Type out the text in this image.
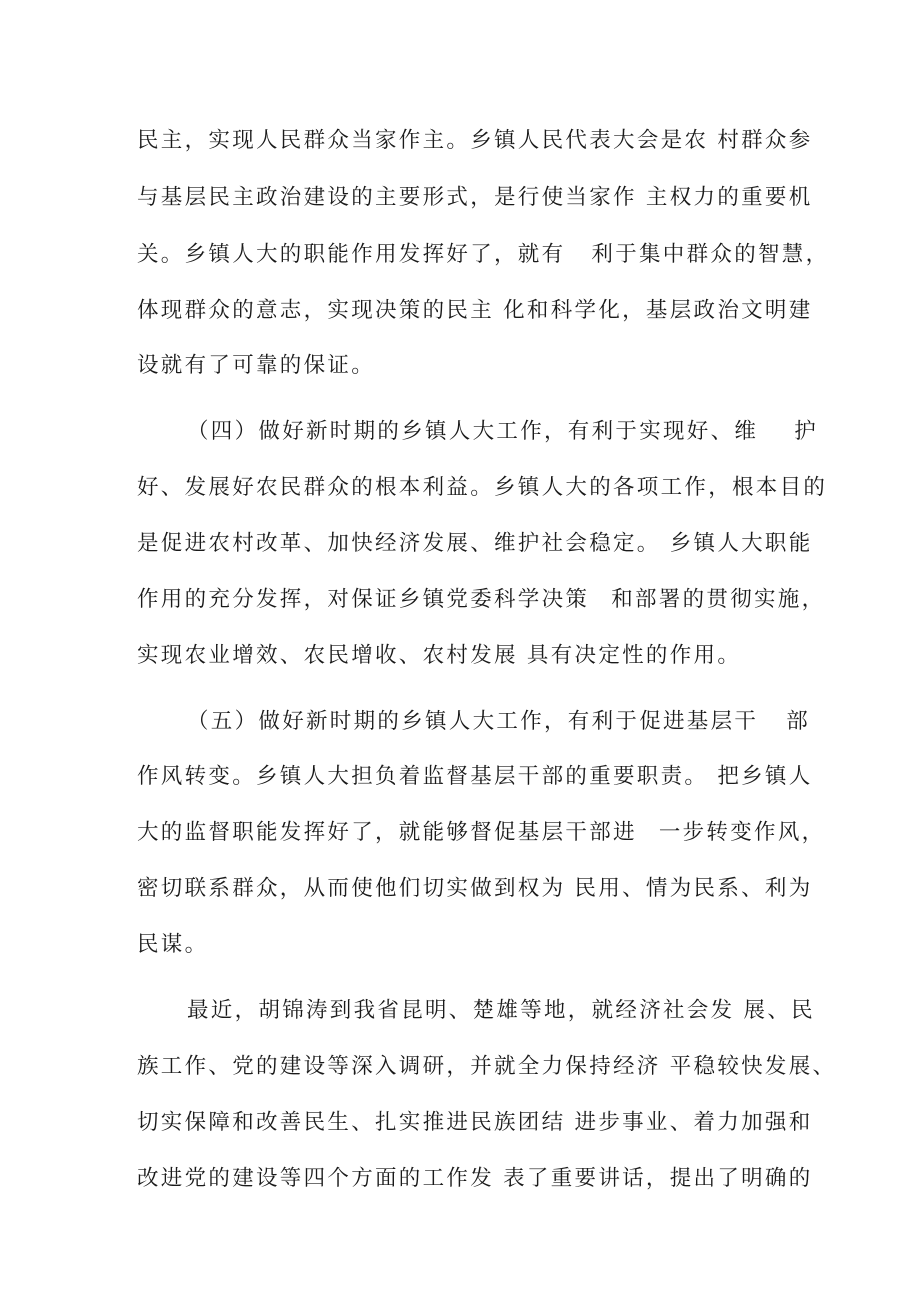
民主，实现人民群众当家作主。乡镇人民代表大会是农 村群众参
与基层民主政治建设的主要形式，是行使当家作 主权力的重要机
关。乡镇人大的职能作用发挥好了，就有 利于集中群众的智慧，
体现群众的意志，实现决策的民主 化和科学化，基层政治文明建
设就有了可靠的保证。
（四）做好新时期的乡镇人大工作，有利于实现好、维 护
好、发展好农民群众的根本利益。乡镇人大的各项工作，根本目的
是促进农村改革、加快经济发展、维护社会稳定。 乡镇人大职能
作用的充分发挥，对保证乡镇党委科学决策 和部署的贯彻实施，
实现农业增效、农民增收、农村发展 具有决定性的作用。
（五）做好新时期的乡镇人大工作，有利于促进基层干 部
作风转变。乡镇人大担负着监督基层干部的重要职责。 把乡镇人
大的监督职能发挥好了，就能够督促基层干部进 一步转变作风，
密切联系群众，从而使他们切实做到权为 民用、情为民系、利为
民谋。
最近，胡锦涛到我省昆明、楚雄等地，就经济社会发 展、民
族工作、党的建设等深入调研，并就全力保持经济 平稳较快发展、
切实保障和改善民生、扎实推进民族团结 进步事业、着力加强和
改进党的建设等四个方面的工作发 表了重要讲话，提出了明确的
